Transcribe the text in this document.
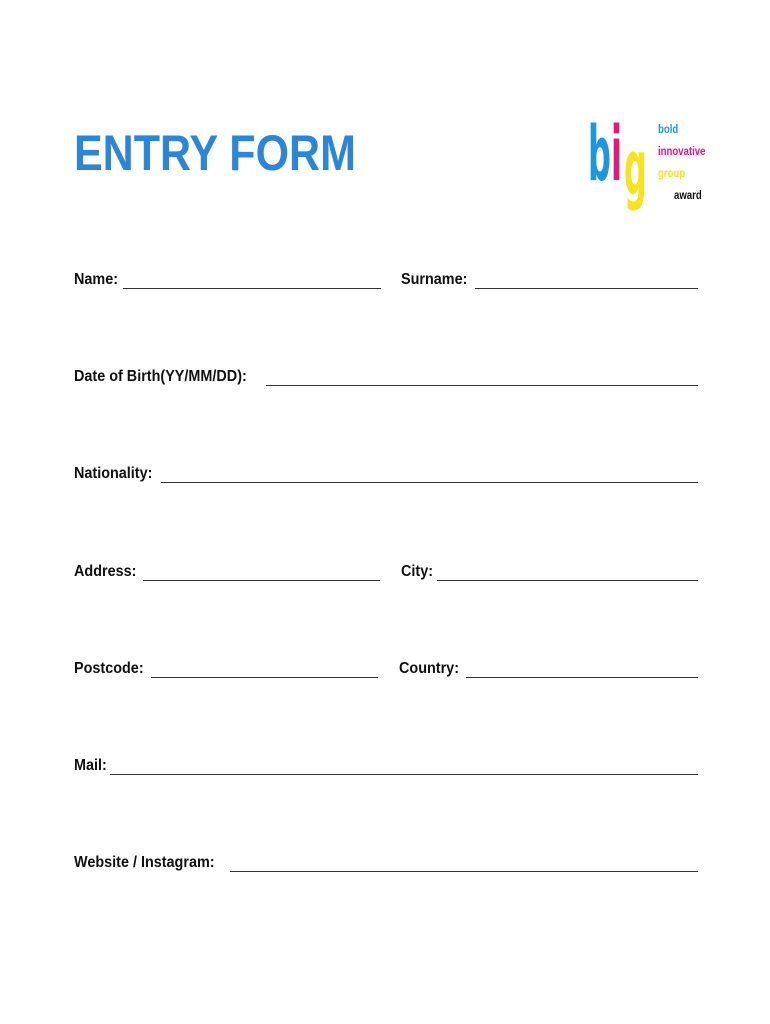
ENTRY FORM	b i g bold
innovative
group
award
Name:	Surname:
Date of Birth(YY/MM/DD):
Nationality:
Address:	City:
Postcode:	Country:
Mail:
Website / Instagram:
